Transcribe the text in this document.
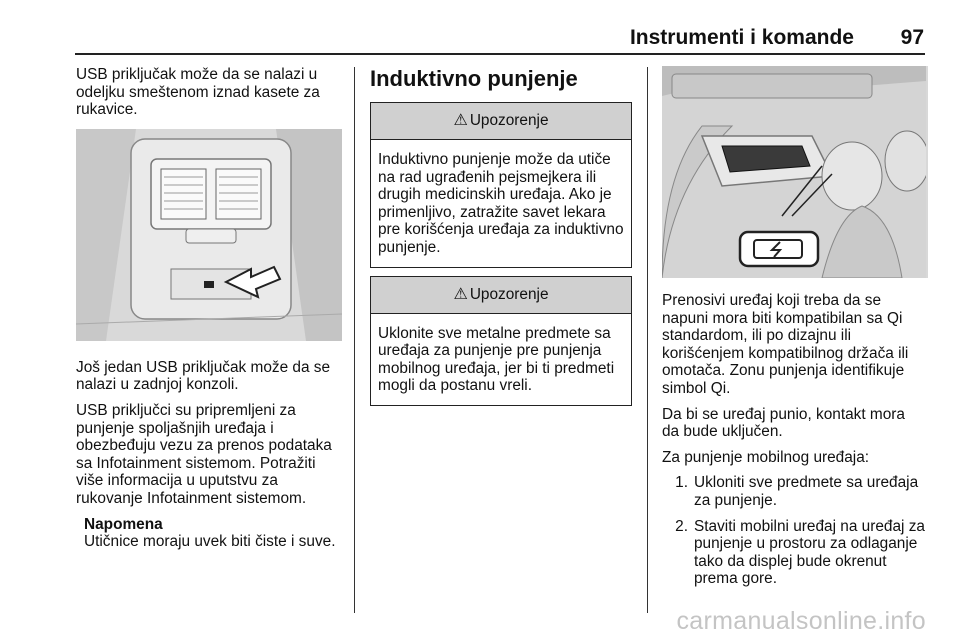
Instrumenti i komande 97

USB priključak može da se nalazi u odeljku smeštenom iznad kasete za rukavice.

Još jedan USB priključak može da se nalazi u zadnjoj konzoli.

USB priključci su pripremljeni za punjenje spoljašnjih uređaja i obezbeđuju vezu za prenos podataka sa Infotainment sistemom. Potražiti više informacija u uputstvu za rukovanje Infotainment sistemom.

Napomena
Utičnice moraju uvek biti čiste i suve.
Induktivno punjenje
⚠ Upozorenje
Induktivno punjenje može da utiče na rad ugrađenih pejsmejkera ili drugih medicinskih uređaja. Ako je primenljivo, zatražite savet lekara pre korišćenja uređaja za induktivno punjenje.
⚠ Upozorenje
Uklonite sve metalne predmete sa uređaja za punjenje pre punjenja mobilnog uređaja, jer bi ti predmeti mogli da postanu vreli.

Prenosivi uređaj koji treba da se napuni mora biti kompatibilan sa Qi standardom, ili po dizajnu ili korišćenjem kompatibilnog držača ili omotača. Zonu punjenja identifikuje simbol Qi.

Da bi se uređaj punio, kontakt mora da bude uključen.

Za punjenje mobilnog uređaja:

1. Ukloniti sve predmete sa uređaja za punjenje.
2. Staviti mobilni uređaj na uređaj za punjenje u prostoru za odlaganje tako da displej bude okrenut prema gore.
carmanualsonline.info
